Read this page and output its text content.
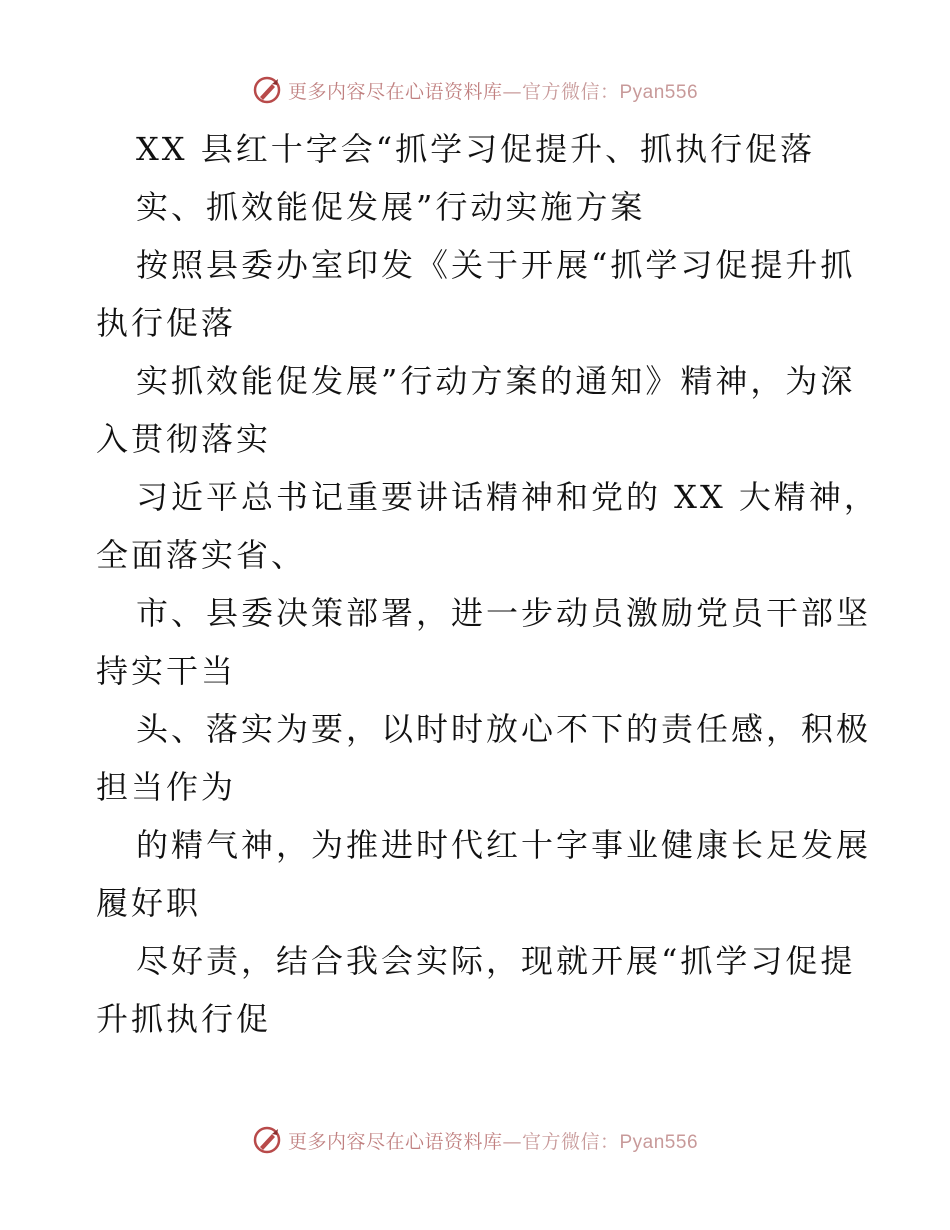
更多内容尽在心语资料库—官方微信：Pyan556
XX 县红十字会“抓学习促提升、抓执行促落
实、抓效能促发展”行动实施方案
按照县委办室印发《关于开展“抓学习促提升抓
执行促落
实抓效能促发展”行动方案的通知》精神，为深
入贯彻落实
习近平总书记重要讲话精神和党的 XX 大精神，
全面落实省、
市、县委决策部署，进一步动员激励党员干部坚
持实干当
头、落实为要，以时时放心不下的责任感，积极
担当作为
的精气神，为推进时代红十字事业健康长足发展
履好职
尽好责，结合我会实际，现就开展“抓学习促提
升抓执行促
更多内容尽在心语资料库—官方微信：Pyan556
